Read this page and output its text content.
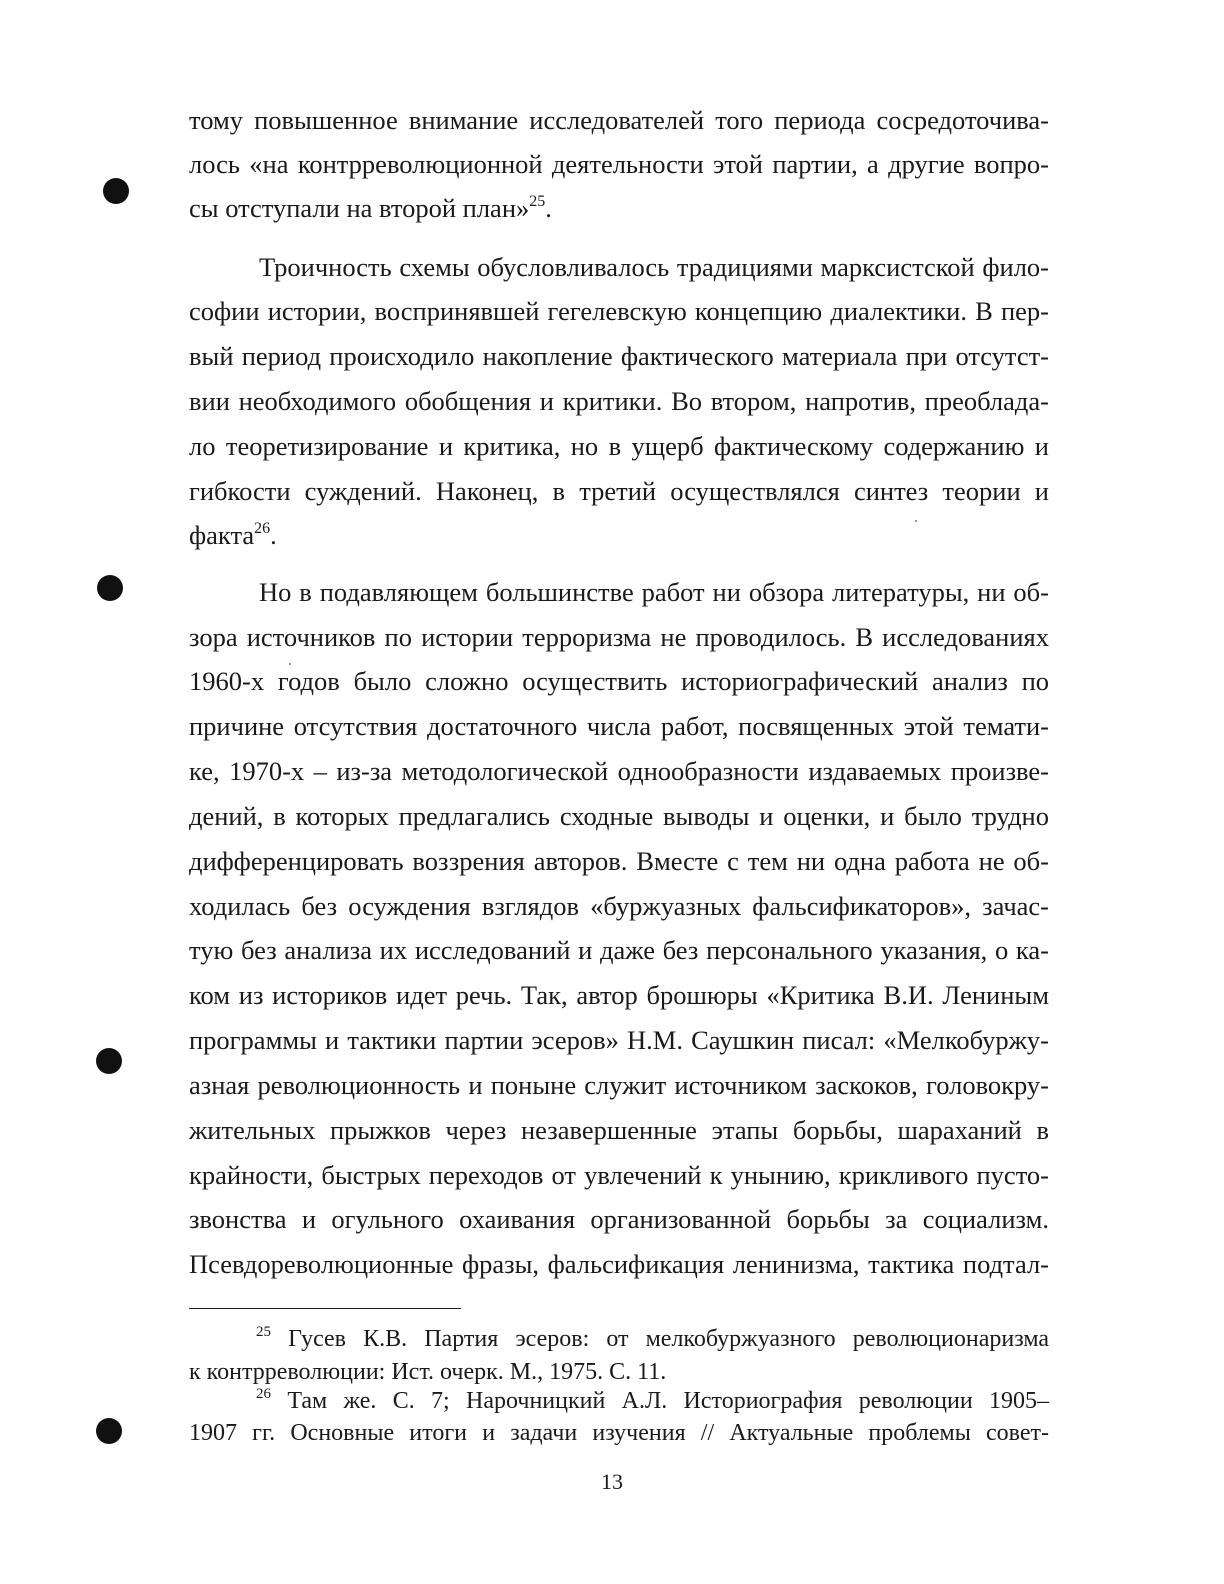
тому повышенное внимание исследователей того периода сосредоточива-
лось «на контрреволюционной деятельности этой партии, а другие вопро-
сы отступали на второй план»$^{25}$.
Троичность схемы обусловливалось традициями марксистской фило-
софии истории, воспринявшей гегелевскую концепцию диалектики. В пер-
вый период происходило накопление фактического материала при отсутст-
вии необходимого обобщения и критики. Во втором, напротив, преоблада-
ло теоретизирование и критика, но в ущерб фактическому содержанию и
гибкости суждений. Наконец, в третий осуществлялся синтез теории и
факта$^{26}$.
Но в подавляющем большинстве работ ни обзора литературы, ни об-
зора источников по истории терроризма не проводилось. В исследованиях
1960-х годов было сложно осуществить историографический анализ по
причине отсутствия достаточного числа работ, посвященных этой темати-
ке, 1970-х – из-за методологической однообразности издаваемых произве-
дений, в которых предлагались сходные выводы и оценки, и было трудно
дифференцировать воззрения авторов. Вместе с тем ни одна работа не об-
ходилась без осуждения взглядов «буржуазных фальсификаторов», зачас-
тую без анализа их исследований и даже без персонального указания, о ка-
ком из историков идет речь. Так, автор брошюры «Критика В.И. Лениным
программы и тактики партии эсеров» Н.М. Саушкин писал: «Мелкобуржу-
азная революционность и поныне служит источником заскоков, головокру-
жительных прыжков через незавершенные этапы борьбы, шараханий в
крайности, быстрых переходов от увлечений к унынию, крикливого пусто-
звонства и огульного охаивания организованной борьбы за социализм.
Псевдореволюционные фразы, фальсификация ленинизма, тактика подтал-
$^{25}$ Гусев К.В. Партия эсеров: от мелкобуржуазного революционаризма
к контрреволюции: Ист. очерк. М., 1975. С. 11.
$^{26}$ Там же. С. 7; Нарочницкий А.Л. Историография революции 1905–
1907 гг. Основные итоги и задачи изучения // Актуальные проблемы совет-
13
